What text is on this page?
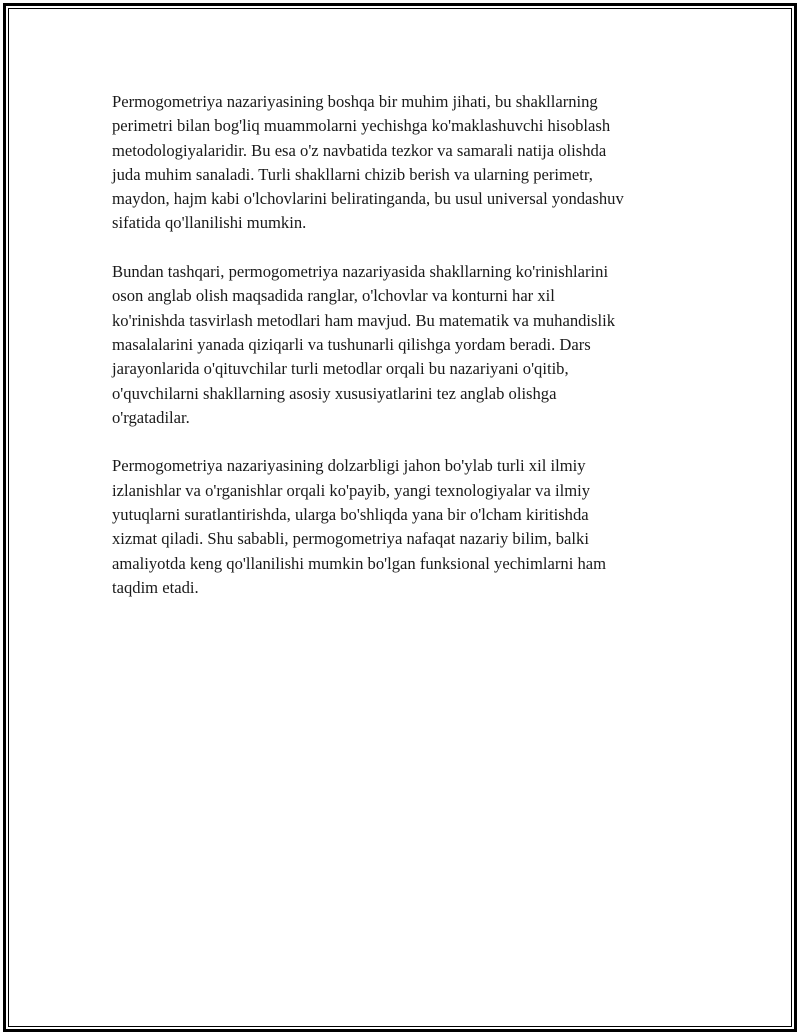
Permogometriya nazariyasining boshqa bir muhim jihati, bu shakllarning
perimetri bilan bog'liq muammolarni yechishga ko'maklashuvchi hisoblash
metodologiyalaridir. Bu esa o'z navbatida tezkor va samarali natija olishda
juda muhim sanaladi. Turli shakllarni chizib berish va ularning perimetr,
maydon, hajm kabi o'lchovlarini beliratinganda, bu usul universal yondashuv
sifatida qo'llanilishi mumkin.

Bundan tashqari, permogometriya nazariyasida shakllarning ko'rinishlarini
oson anglab olish maqsadida ranglar, o'lchovlar va konturni har xil
ko'rinishda tasvirlash metodlari ham mavjud. Bu matematik va muhandislik
masalalarini yanada qiziqarli va tushunarli qilishga yordam beradi. Dars
jarayonlarida o'qituvchilar turli metodlar orqali bu nazariyani o'qitib,
o'quvchilarni shakllarning asosiy xususiyatlarini tez anglab olishga
o'rgatadilar.

Permogometriya nazariyasining dolzarbligi jahon bo'ylab turli xil ilmiy
izlanishlar va o'rganishlar orqali ko'payib, yangi texnologiyalar va ilmiy
yutuqlarni suratlantirishda, ularga bo'shliqda yana bir o'lcham kiritishda
xizmat qiladi. Shu sababli, permogometriya nafaqat nazariy bilim, balki
amaliyotda keng qo'llanilishi mumkin bo'lgan funksional yechimlarni ham
taqdim etadi.
